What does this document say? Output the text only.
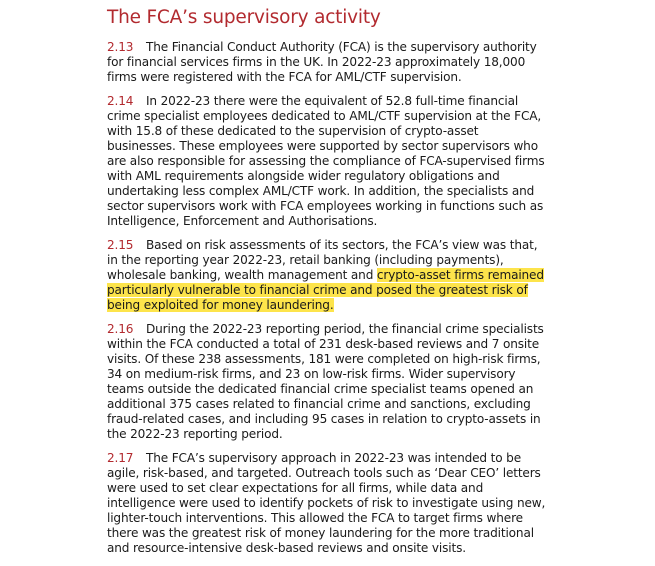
The FCA’s supervisory activity

2.13 The Financial Conduct Authority (FCA) is the supervisory authority for financial services firms in the UK. In 2022-23 approximately 18,000 firms were registered with the FCA for AML/CTF supervision.

2.14 In 2022-23 there were the equivalent of 52.8 full-time financial crime specialist employees dedicated to AML/CTF supervision at the FCA, with 15.8 of these dedicated to the supervision of crypto-asset businesses. These employees were supported by sector supervisors who are also responsible for assessing the compliance of FCA-supervised firms with AML requirements alongside wider regulatory obligations and undertaking less complex AML/CTF work. In addition, the specialists and sector supervisors work with FCA employees working in functions such as Intelligence, Enforcement and Authorisations.

2.15 Based on risk assessments of its sectors, the FCA’s view was that, in the reporting year 2022-23, retail banking (including payments), wholesale banking, wealth management and crypto-asset firms remained particularly vulnerable to financial crime and posed the greatest risk of being exploited for money laundering.

2.16 During the 2022-23 reporting period, the financial crime specialists within the FCA conducted a total of 231 desk-based reviews and 7 onsite visits. Of these 238 assessments, 181 were completed on high-risk firms, 34 on medium-risk firms, and 23 on low-risk firms. Wider supervisory teams outside the dedicated financial crime specialist teams opened an additional 375 cases related to financial crime and sanctions, excluding fraud-related cases, and including 95 cases in relation to crypto-assets in the 2022-23 reporting period.

2.17 The FCA’s supervisory approach in 2022-23 was intended to be agile, risk-based, and targeted. Outreach tools such as ‘Dear CEO’ letters were used to set clear expectations for all firms, while data and intelligence were used to identify pockets of risk to investigate using new, lighter-touch interventions. This allowed the FCA to target firms where there was the greatest risk of money laundering for the more traditional and resource-intensive desk-based reviews and onsite visits.
